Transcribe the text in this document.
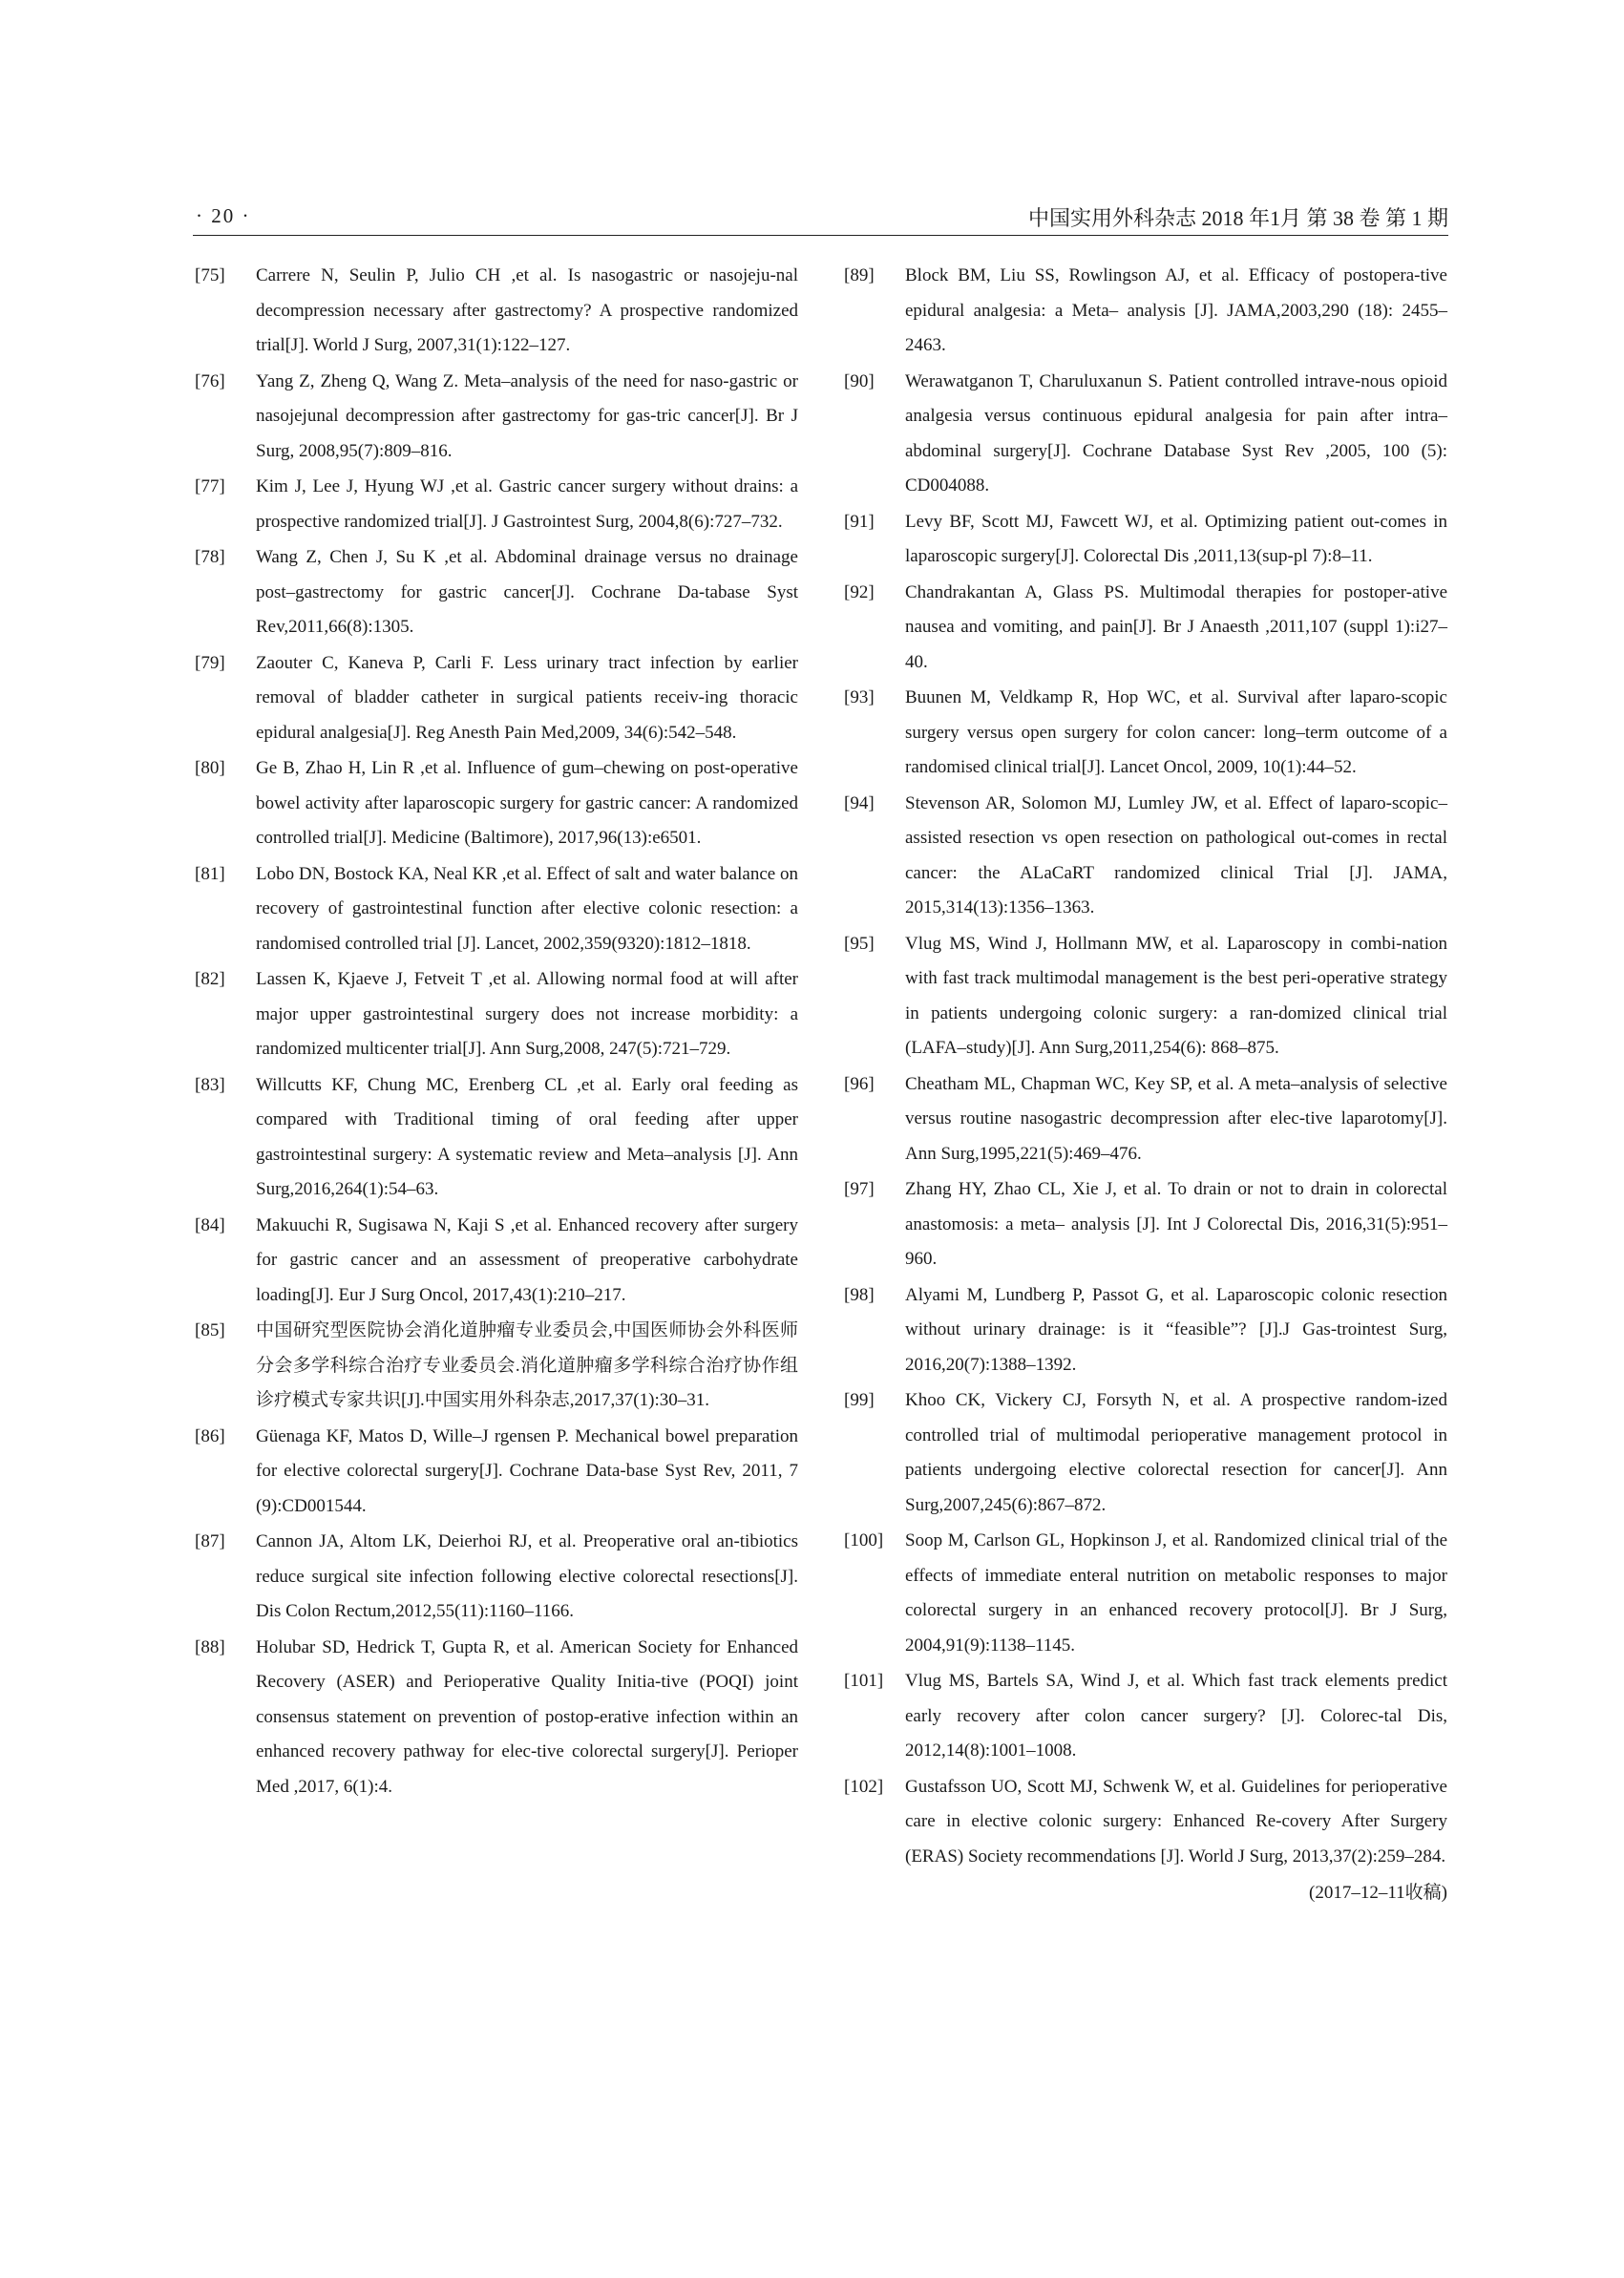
· 20 ·	中国实用外科杂志 2018 年1月 第 38 卷 第 1 期
[75]	Carrere N, Seulin P, Julio CH ,et al. Is nasogastric or nasojeju-nal decompression necessary after gastrectomy? A prospective randomized trial[J]. World J Surg, 2007,31(1):122–127.
[76]	Yang Z, Zheng Q, Wang Z. Meta–analysis of the need for naso-gastric or nasojejunal decompression after gastrectomy for gas-tric cancer[J]. Br J Surg, 2008,95(7):809–816.
[77]	Kim J, Lee J, Hyung WJ ,et al. Gastric cancer surgery without drains: a prospective randomized trial[J]. J Gastrointest Surg, 2004,8(6):727–732.
[78]	Wang Z, Chen J, Su K ,et al. Abdominal drainage versus no drainage post–gastrectomy for gastric cancer[J]. Cochrane Da-tabase Syst Rev,2011,66(8):1305.
[79]	Zaouter C, Kaneva P, Carli F. Less urinary tract infection by earlier removal of bladder catheter in surgical patients receiv-ing thoracic epidural analgesia[J]. Reg Anesth Pain Med,2009, 34(6):542–548.
[80]	Ge B, Zhao H, Lin R ,et al. Influence of gum–chewing on post-operative bowel activity after laparoscopic surgery for gastric cancer: A randomized controlled trial[J]. Medicine (Baltimore), 2017,96(13):e6501.
[81]	Lobo DN, Bostock KA, Neal KR ,et al. Effect of salt and water balance on recovery of gastrointestinal function after elective colonic resection: a randomised controlled trial [J]. Lancet, 2002,359(9320):1812–1818.
[82]	Lassen K, Kjaeve J, Fetveit T ,et al. Allowing normal food at will after major upper gastrointestinal surgery does not increase morbidity: a randomized multicenter trial[J]. Ann Surg,2008, 247(5):721–729.
[83]	Willcutts KF, Chung MC, Erenberg CL ,et al. Early oral feeding as compared with Traditional timing of oral feeding after upper gastrointestinal surgery: A systematic review and Meta–analysis [J]. Ann Surg,2016,264(1):54–63.
[84]	Makuuchi R, Sugisawa N, Kaji S ,et al. Enhanced recovery after surgery for gastric cancer and an assessment of preoperative carbohydrate loading[J]. Eur J Surg Oncol, 2017,43(1):210–217.
[85]	中国研究型医院协会消化道肿瘤专业委员会,中国医师协会外科医师分会多学科综合治疗专业委员会.消化道肿瘤多学科综合治疗协作组诊疗模式专家共识[J].中国实用外科杂志,2017,37(1):30–31.
[86]	Güenaga KF, Matos D, Wille–J rgensen P. Mechanical bowel preparation for elective colorectal surgery[J]. Cochrane Data-base Syst Rev, 2011, 7 (9):CD001544.
[87]	Cannon JA, Altom LK, Deierhoi RJ, et al. Preoperative oral an-tibiotics reduce surgical site infection following elective colorectal resections[J]. Dis Colon Rectum,2012,55(11):1160–1166.
[88]	Holubar SD, Hedrick T, Gupta R, et al. American Society for Enhanced Recovery (ASER) and Perioperative Quality Initia-tive (POQI) joint consensus statement on prevention of postop-erative infection within an enhanced recovery pathway for elec-tive colorectal surgery[J]. Perioper Med ,2017, 6(1):4.
[89]	Block BM, Liu SS, Rowlingson AJ, et al. Efficacy of postopera-tive epidural analgesia: a Meta– analysis [J]. JAMA,2003,290 (18): 2455–2463.
[90]	Werawatganon T, Charuluxanun S. Patient controlled intrave-nous opioid analgesia versus continuous epidural analgesia for pain after intra–abdominal surgery[J]. Cochrane Database Syst Rev ,2005, 100 (5): CD004088.
[91]	Levy BF, Scott MJ, Fawcett WJ, et al. Optimizing patient out-comes in laparoscopic surgery[J]. Colorectal Dis ,2011,13(sup-pl 7):8–11.
[92]	Chandrakantan A, Glass PS. Multimodal therapies for postoper-ative nausea and vomiting, and pain[J]. Br J Anaesth ,2011,107 (suppl 1):i27–40.
[93]	Buunen M, Veldkamp R, Hop WC, et al. Survival after laparo-scopic surgery versus open surgery for colon cancer: long–term outcome of a randomised clinical trial[J]. Lancet Oncol, 2009, 10(1):44–52.
[94]	Stevenson AR, Solomon MJ, Lumley JW, et al. Effect of laparo-scopic–assisted resection vs open resection on pathological out-comes in rectal cancer: the ALaCaRT randomized clinical Trial [J]. JAMA, 2015,314(13):1356–1363.
[95]	Vlug MS, Wind J, Hollmann MW, et al. Laparoscopy in combi-nation with fast track multimodal management is the best peri-operative strategy in patients undergoing colonic surgery: a ran-domized clinical trial (LAFA–study)[J]. Ann Surg,2011,254(6): 868–875.
[96]	Cheatham ML, Chapman WC, Key SP, et al. A meta–analysis of selective versus routine nasogastric decompression after elec-tive laparotomy[J]. Ann Surg,1995,221(5):469–476.
[97]	Zhang HY, Zhao CL, Xie J, et al. To drain or not to drain in colorectal anastomosis: a meta– analysis [J]. Int J Colorectal Dis, 2016,31(5):951–960.
[98]	Alyami M, Lundberg P, Passot G, et al. Laparoscopic colonic resection without urinary drainage: is it “feasible”? [J].J Gas-trointest Surg, 2016,20(7):1388–1392.
[99]	Khoo CK, Vickery CJ, Forsyth N, et al. A prospective random-ized controlled trial of multimodal perioperative management protocol in patients undergoing elective colorectal resection for cancer[J]. Ann Surg,2007,245(6):867–872.
[100]	Soop M, Carlson GL, Hopkinson J, et al. Randomized clinical trial of the effects of immediate enteral nutrition on metabolic responses to major colorectal surgery in an enhanced recovery protocol[J]. Br J Surg, 2004,91(9):1138–1145.
[101]	Vlug MS, Bartels SA, Wind J, et al. Which fast track elements predict early recovery after colon cancer surgery? [J]. Colorec-tal Dis, 2012,14(8):1001–1008.
[102]	Gustafsson UO, Scott MJ, Schwenk W, et al. Guidelines for perioperative care in elective colonic surgery: Enhanced Re-covery After Surgery (ERAS) Society recommendations [J]. World J Surg, 2013,37(2):259–284.
(2017–12–11收稿)
